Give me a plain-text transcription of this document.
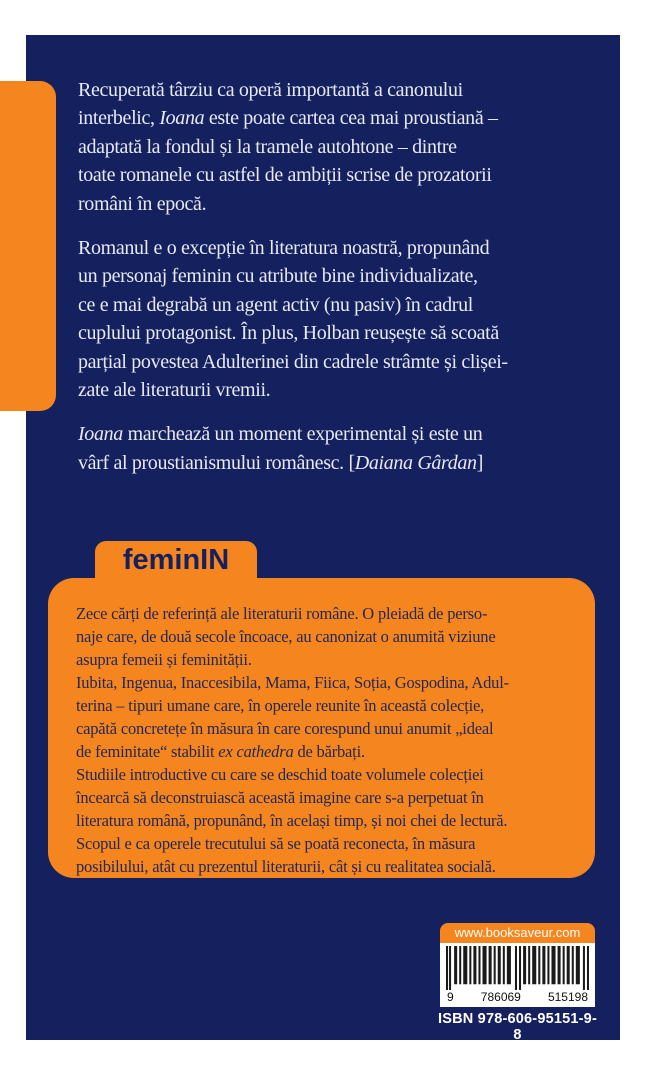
Recuperată târziu ca operă importantă a canonului
interbelic, Ioana este poate cartea cea mai proustiană –
adaptată la fondul și la tramele autohtone – dintre
toate romanele cu astfel de ambiții scrise de prozatorii
români în epocă.
Romanul e o excepție în literatura noastră, propunând
un personaj feminin cu atribute bine individualizate,
ce e mai degrabă un agent activ (nu pasiv) în cadrul
cuplului protagonist. În plus, Holban reușește să scoată
parțial povestea Adulterinei din cadrele strâmte și clișei-
zate ale literaturii vremii.
Ioana marchează un moment experimental și este un
vârf al proustianismului românesc. [Daiana Gârdan]
feminIN
Zece cărți de referință ale literaturii române. O pleiadă de perso-
naje care, de două secole încoace, au canonizat o anumită viziune
asupra femeii și feminității.
Iubita, Ingenua, Inaccesibila, Mama, Fiica, Soția, Gospodina, Adul-
terina – tipuri umane care, în operele reunite în această colecție,
capătă concretețe în măsura în care corespund unui anumit „ideal
de feminitate“ stabilit ex cathedra de bărbați.
Studiile introductive cu care se deschid toate volumele colecției
încearcă să deconstruiască această imagine care s-a perpetuat în
literatura română, propunând, în același timp, și noi chei de lectură.
Scopul e ca operele trecutului să se poată reconecta, în măsura
posibilului, atât cu prezentul literaturii, cât și cu realitatea socială.
www.booksaveur.com
9 786069 515198
ISBN 978-606-95151-9-8
